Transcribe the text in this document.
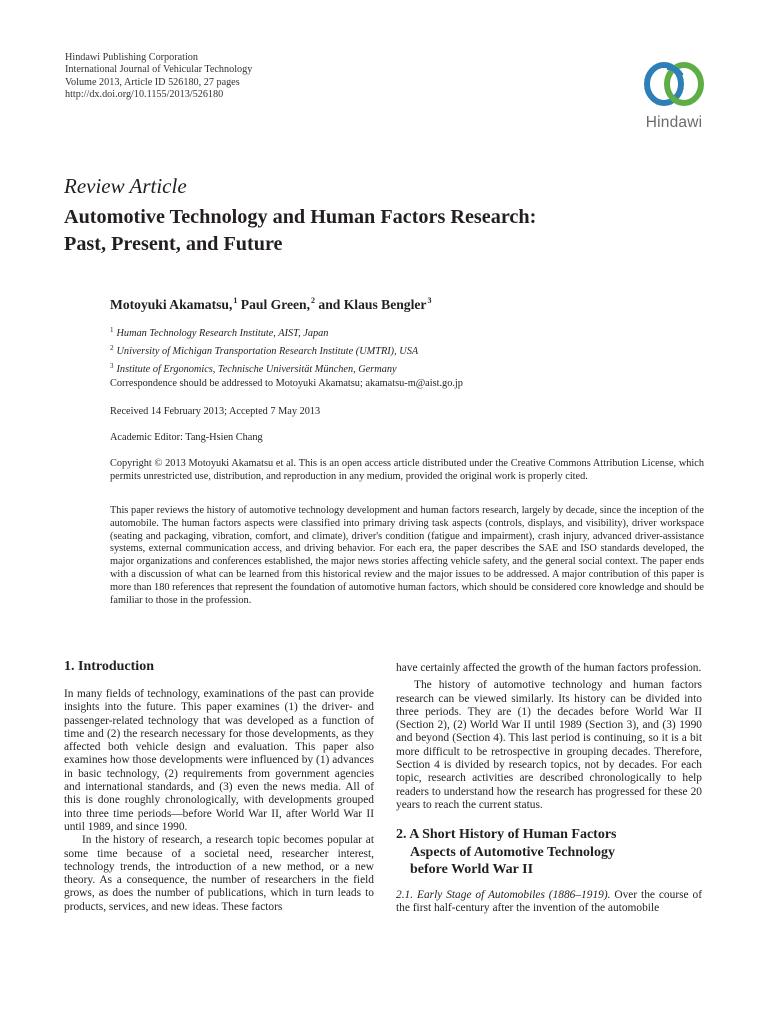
Hindawi Publishing Corporation
International Journal of Vehicular Technology
Volume 2013, Article ID 526180, 27 pages
http://dx.doi.org/10.1155/2013/526180
Hindawi
Review Article
Automotive Technology and Human Factors Research:
Past, Present, and Future
Motoyuki Akamatsu,$^1$ Paul Green,$^2$ and Klaus Bengler$^3$
$^1$ Human Technology Research Institute, AIST, Japan
$^2$ University of Michigan Transportation Research Institute (UMTRI), USA
$^3$ Institute of Ergonomics, Technische Universität München, Germany
Correspondence should be addressed to Motoyuki Akamatsu; akamatsu-m@aist.go.jp
Received 14 February 2013; Accepted 7 May 2013
Academic Editor: Tang-Hsien Chang
Copyright © 2013 Motoyuki Akamatsu et al. This is an open access article distributed under the Creative Commons Attribution License, which permits unrestricted use, distribution, and reproduction in any medium, provided the original work is properly cited.
This paper reviews the history of automotive technology development and human factors research, largely by decade, since the inception of the automobile. The human factors aspects were classified into primary driving task aspects (controls, displays, and visibility), driver workspace (seating and packaging, vibration, comfort, and climate), driver's condition (fatigue and impairment), crash injury, advanced driver-assistance systems, external communication access, and driving behavior. For each era, the paper describes the SAE and ISO standards developed, the major organizations and conferences established, the major news stories affecting vehicle safety, and the general social context. The paper ends with a discussion of what can be learned from this historical review and the major issues to be addressed. A major contribution of this paper is more than 180 references that represent the foundation of automotive human factors, which should be considered core knowledge and should be familiar to those in the profession.
1. Introduction
In many fields of technology, examinations of the past can provide insights into the future. This paper examines (1) the driver- and passenger-related technology that was developed as a function of time and (2) the research necessary for those developments, as they affected both vehicle design and evaluation. This paper also examines how those developments were influenced by (1) advances in basic technology, (2) requirements from government agencies and international standards, and (3) even the news media. All of this is done roughly chronologically, with developments grouped into three time periods—before World War II, after World War II until 1989, and since 1990.
In the history of research, a research topic becomes popular at some time because of a societal need, researcher interest, technology trends, the introduction of a new method, or a new theory. As a consequence, the number of researchers in the field grows, as does the number of publications, which in turn leads to products, services, and new ideas. These factors
have certainly affected the growth of the human factors profession.
The history of automotive technology and human factors research can be viewed similarly. Its history can be divided into three periods. They are (1) the decades before World War II (Section 2), (2) World War II until 1989 (Section 3), and (3) 1990 and beyond (Section 4). This last period is continuing, so it is a bit more difficult to be retrospective in grouping decades. Therefore, Section 4 is divided by research topics, not by decades. For each topic, research activities are described chronologically to help readers to understand how the research has progressed for these 20 years to reach the current status.
2. A Short History of Human Factors
Aspects of Automotive Technology
before World War II
2.1. Early Stage of Automobiles (1886–1919). Over the course of the first half-century after the invention of the automobile
